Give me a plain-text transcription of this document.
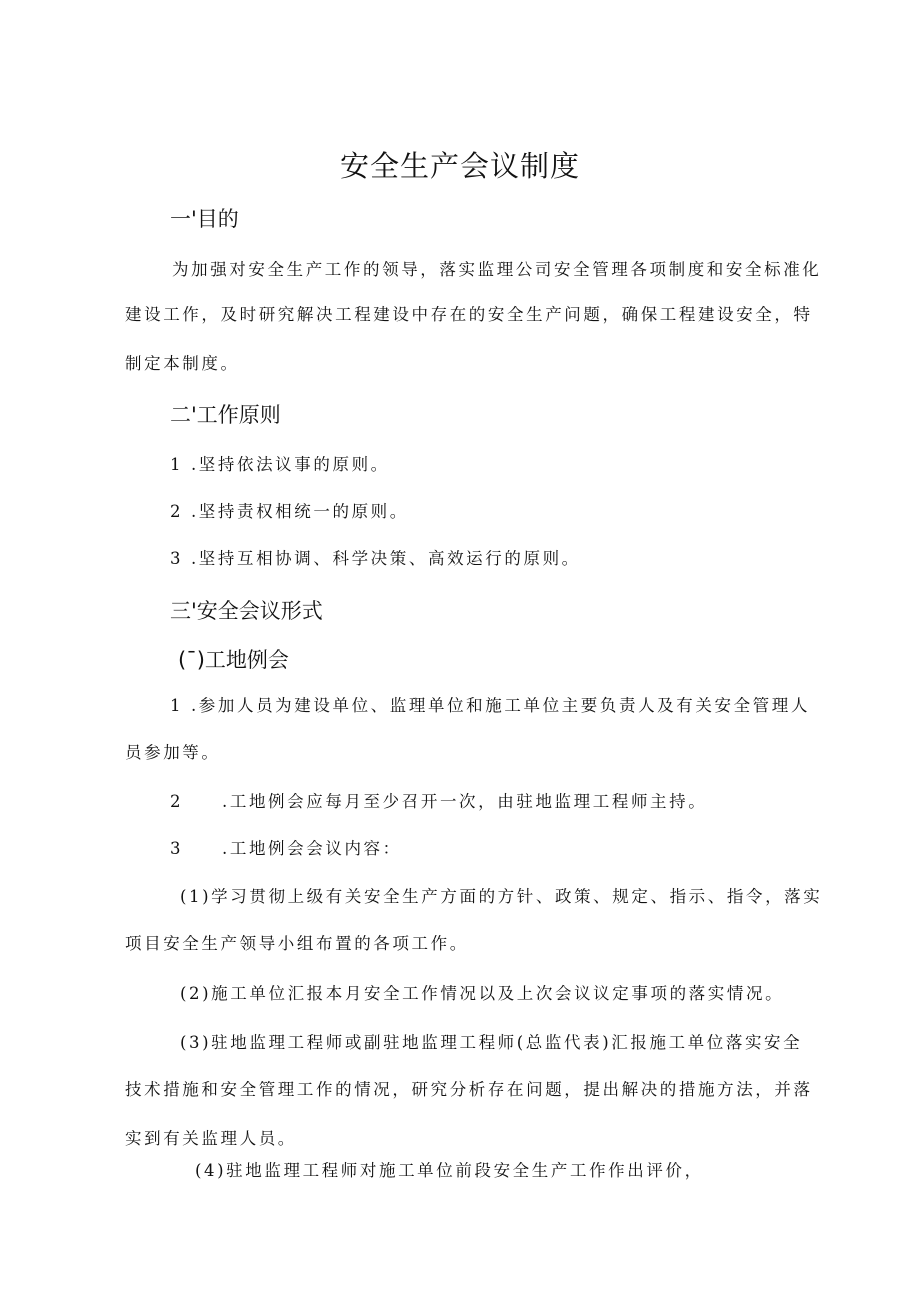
安全生产会议制度
一'目的

为加强对安全生产工作的领导，落实监理公司安全管理各项制度和安全标准化

建设工作，及时研究解决工程建设中存在的安全生产问题，确保工程建设安全，特

制定本制度。

二'工作原则

1 .坚持依法议事的原则。

2 .坚持责权相统一的原则。

3 .坚持互相协调、科学决策、高效运行的原则。

三'安全会议形式
(¯)工地例会

1 .参加人员为建设单位、监理单位和施工单位主要负责人及有关安全管理人

员参加等。

2 .工地例会应每月至少召开一次，由驻地监理工程师主持。

3 .工地例会会议内容：

(1)学习贯彻上级有关安全生产方面的方针、政策、规定、指示、指令，落实

项目安全生产领导小组布置的各项工作。

(2)施工单位汇报本月安全工作情况以及上次会议议定事项的落实情况。

(3)驻地监理工程师或副驻地监理工程师(总监代表)汇报施工单位落实安全

技术措施和安全管理工作的情况，研究分析存在问题，提出解决的措施方法，并落

实到有关监理人员。

(4)驻地监理工程师对施工单位前段安全生产工作作出评价，
